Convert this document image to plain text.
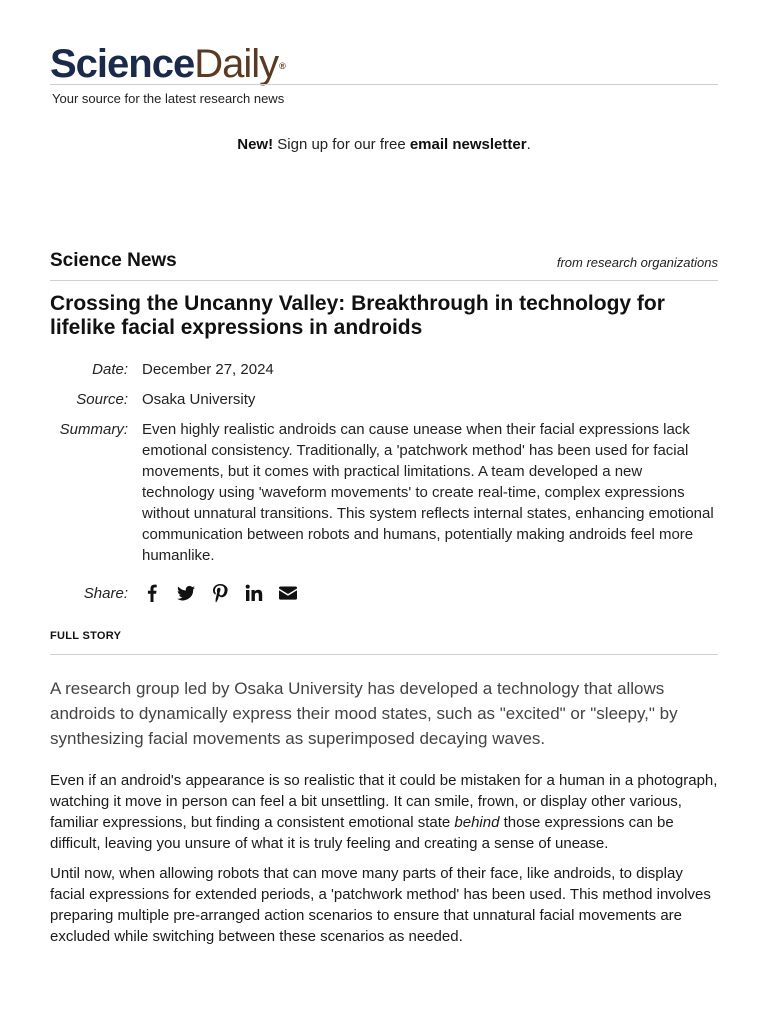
ScienceDaily®
Your source for the latest research news
New! Sign up for our free email newsletter.
Science News	from research organizations
Crossing the Uncanny Valley: Breakthrough in technology for lifelike facial expressions in androids
Date: December 27, 2024
Source: Osaka University
Summary: Even highly realistic androids can cause unease when their facial expressions lack emotional consistency. Traditionally, a 'patchwork method' has been used for facial movements, but it comes with practical limitations. A team developed a new technology using 'waveform movements' to create real-time, complex expressions without unnatural transitions. This system reflects internal states, enhancing emotional communication between robots and humans, potentially making androids feel more humanlike.
Share:
FULL STORY

A research group led by Osaka University has developed a technology that allows androids to dynamically express their mood states, such as "excited" or "sleepy," by synthesizing facial movements as superimposed decaying waves.

Even if an android's appearance is so realistic that it could be mistaken for a human in a photograph, watching it move in person can feel a bit unsettling. It can smile, frown, or display other various, familiar expressions, but finding a consistent emotional state behind those expressions can be difficult, leaving you unsure of what it is truly feeling and creating a sense of unease.

Until now, when allowing robots that can move many parts of their face, like androids, to display facial expressions for extended periods, a 'patchwork method' has been used. This method involves preparing multiple pre-arranged action scenarios to ensure that unnatural facial movements are excluded while switching between these scenarios as needed.
